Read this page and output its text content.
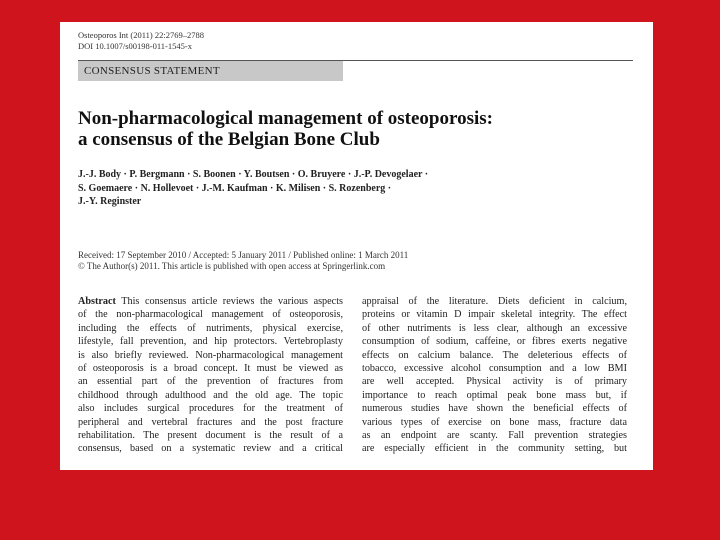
Osteoporos Int (2011) 22:2769–2788
DOI 10.1007/s00198-011-1545-x
CONSENSUS STATEMENT
Non-pharmacological management of osteoporosis:
a consensus of the Belgian Bone Club
J.-J. Body · P. Bergmann · S. Boonen · Y. Boutsen · O. Bruyere · J.-P. Devogelaer ·
S. Goemaere · N. Hollevoet · J.-M. Kaufman · K. Milisen · S. Rozenberg ·
J.-Y. Reginster
Received: 17 September 2010 / Accepted: 5 January 2011 / Published online: 1 March 2011
© The Author(s) 2011. This article is published with open access at Springerlink.com
Abstract This consensus article reviews the various aspects
of the non-pharmacological management of osteoporosis,
including the effects of nutriments, physical exercise,
lifestyle, fall prevention, and hip protectors. Vertebroplasty
is also briefly reviewed. Non-pharmacological management
of osteoporosis is a broad concept. It must be viewed as
an essential part of the prevention of fractures from
childhood through adulthood and the old age. The topic
also includes surgical procedures for the treatment of
peripheral and vertebral fractures and the post fracture
rehabilitation. The present document is the result of a
consensus, based on a systematic review and a critical
appraisal of the literature. Diets deficient in calcium,
proteins or vitamin D impair skeletal integrity. The effect
of other nutriments is less clear, although an excessive
consumption of sodium, caffeine, or fibres exerts negative
effects on calcium balance. The deleterious effects of
tobacco, excessive alcohol consumption and a low BMI
are well accepted. Physical activity is of primary
importance to reach optimal peak bone mass but, if
numerous studies have shown the beneficial effects of
various types of exercise on bone mass, fracture data
as an endpoint are scanty. Fall prevention strategies
are especially efficient in the community setting, but
